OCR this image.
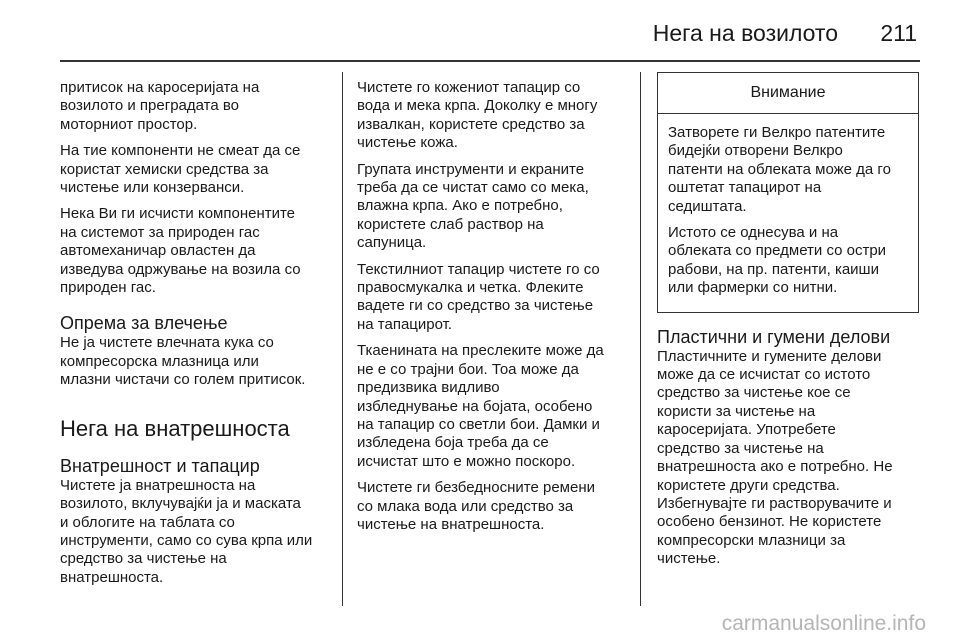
Нега на возилото 211

притисок на каросеријата на
возилото и преградата во
моторниот простор.

На тие компоненти не смеат да се
користат хемиски средства за
чистење или конзерванси.

Нека Ви ги исчисти компонентите
на системот за природен гас
автомеханичар овластен да
изведува одржување на возила со
природен гас.

Опрема за влечење

Не ја чистете влечната кука со
компресорска млазница или
млазни чистачи со голем притисок.

Нега на внатрешноста
Внатрешност и тапацир

Чистете ја внатрешноста на
возилото, вклучувајќи ја и маската
и облогите на таблата со
инструменти, само со сува крпа или
средство за чистење на
внатрешноста.

Чистете го кожениот тапацир со
вода и мека крпа. Доколку е многу
извалкан, користете средство за
чистење кожа.

Групата инструменти и екраните
треба да се чистат само со мека,
влажна крпа. Ако е потребно,
користете слаб раствор на
сапуница.

Текстилниот тапацир чистете го со
правосмукалка и четка. Флеките
вадете ги со средство за чистење
на тапацирот.

Ткаенината на преслеките може да
не е со трајни бои. Тоа може да
предизвика видливо
избледнување на бојата, особено
на тапацир со светли бои. Дамки и
избледена боја треба да се
исчистат што е можно поскоро.

Чистете ги безбедносните ремени
со млака вода или средство за
чистење на внатрешноста.

Внимание

Затворете ги Велкро патентите
бидејќи отворени Велкро
патенти на облеката може да го
оштетат тапацирот на
седиштата.

Истото се однесува и на
облеката со предмети со остри
рабови, на пр. патенти, каиши
или фармерки со нитни.

Пластични и гумени делови

Пластичните и гумените делови
може да се исчистат со истото
средство за чистење кое се
користи за чистење на
каросеријата. Употребете
средство за чистење на
внатрешноста ако е потребно. Не
користете други средства.
Избегнувајте ги растворувачите и
особено бензинот. Не користете
компресорски млазници за
чистење.

carmanualsonline.info
